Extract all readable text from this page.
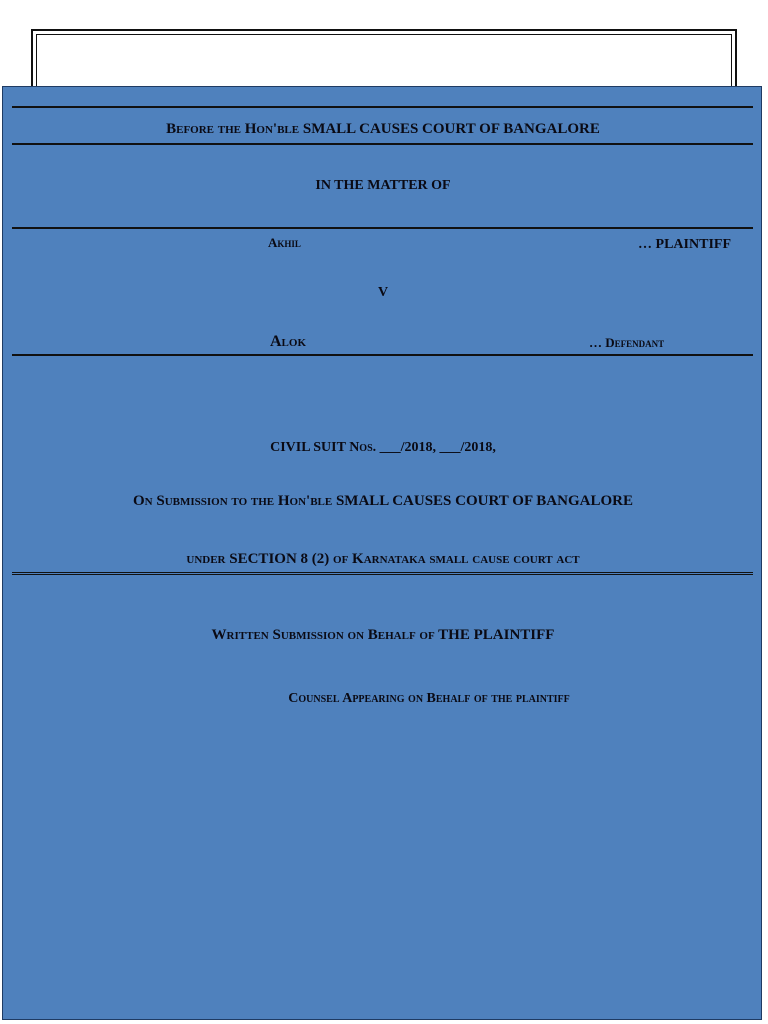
Before the Hon'ble SMALL CAUSES COURT OF BANGALORE
IN THE MATTER OF
Akhil	… PLAINTIFF
V
Alok	… Defendant
CIVIL SUIT Nos. ___/2018, ___/2018,
On Submission to the Hon'ble SMALL CAUSES COURT OF BANGALORE
under SECTION 8 (2) of Karnataka small cause court act
Written Submission on Behalf of THE PLAINTIFF
Counsel Appearing on Behalf of the plaintiff
